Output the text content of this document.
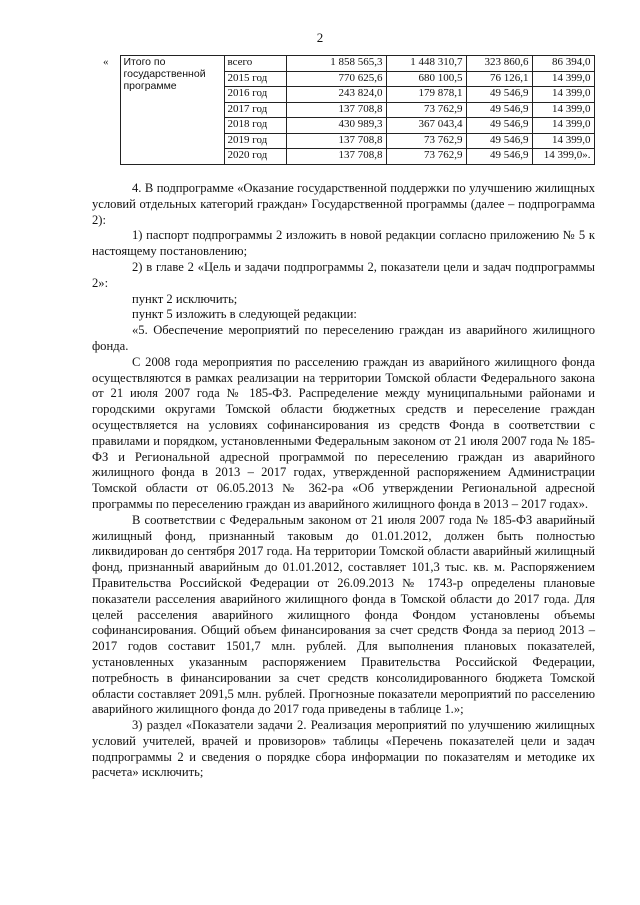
2
«	Итого по государственной программе	всего	1 858 565,3	1 448 310,7	323 860,6	86 394,0
		2015 год	770 625,6	680 100,5	76 126,1	14 399,0
		2016 год	243 824,0	179 878,1	49 546,9	14 399,0
		2017 год	137 708,8	73 762,9	49 546,9	14 399,0
		2018 год	430 989,3	367 043,4	49 546,9	14 399,0
		2019 год	137 708,8	73 762,9	49 546,9	14 399,0
		2020 год	137 708,8	73 762,9	49 546,9	14 399,0».

4. В подпрограмме «Оказание государственной поддержки по улучшению жилищных условий отдельных категорий граждан» Государственной программы (далее – подпрограмма 2):

1) паспорт подпрограммы 2 изложить в новой редакции согласно приложению № 5 к настоящему постановлению;

2) в главе 2 «Цель и задачи подпрограммы 2, показатели цели и задач подпрограммы 2»:

пункт 2 исключить;

пункт 5 изложить в следующей редакции:

«5. Обеспечение мероприятий по переселению граждан из аварийного жилищного фонда.

С 2008 года мероприятия по расселению граждан из аварийного жилищного фонда осуществляются в рамках реализации на территории Томской области Федерального закона от 21 июля 2007 года № 185-ФЗ. Распределение между муниципальными районами и городскими округами Томской области бюджетных средств и переселение граждан осуществляется на условиях софинансирования из средств Фонда в соответствии с правилами и порядком, установленными Федеральным законом от 21 июля 2007 года № 185-ФЗ и Региональной адресной программой по переселению граждан из аварийного жилищного фонда в 2013 – 2017 годах, утвержденной распоряжением Администрации Томской области от 06.05.2013 № 362-ра «Об утверждении Региональной адресной программы по переселению граждан из аварийного жилищного фонда в 2013 – 2017 годах».

В соответствии с Федеральным законом от 21 июля 2007 года № 185-ФЗ аварийный жилищный фонд, признанный таковым до 01.01.2012, должен быть полностью ликвидирован до сентября 2017 года. На территории Томской области аварийный жилищный фонд, признанный аварийным до 01.01.2012, составляет 101,3 тыс. кв. м. Распоряжением Правительства Российской Федерации от 26.09.2013 № 1743-р определены плановые показатели расселения аварийного жилищного фонда в Томской области до 2017 года. Для целей расселения аварийного жилищного фонда Фондом установлены объемы софинансирования. Общий объем финансирования за счет средств Фонда за период 2013 – 2017 годов составит 1501,7 млн. рублей. Для выполнения плановых показателей, установленных указанным распоряжением Правительства Российской Федерации, потребность в финансировании за счет средств консолидированного бюджета Томской области составляет 2091,5 млн. рублей. Прогнозные показатели мероприятий по расселению аварийного жилищного фонда до 2017 года приведены в таблице 1.»;

3) раздел «Показатели задачи 2. Реализация мероприятий по улучшению жилищных условий учителей, врачей и провизоров» таблицы «Перечень показателей цели и задач подпрограммы 2 и сведения о порядке сбора информации по показателям и методике их расчета» исключить;
